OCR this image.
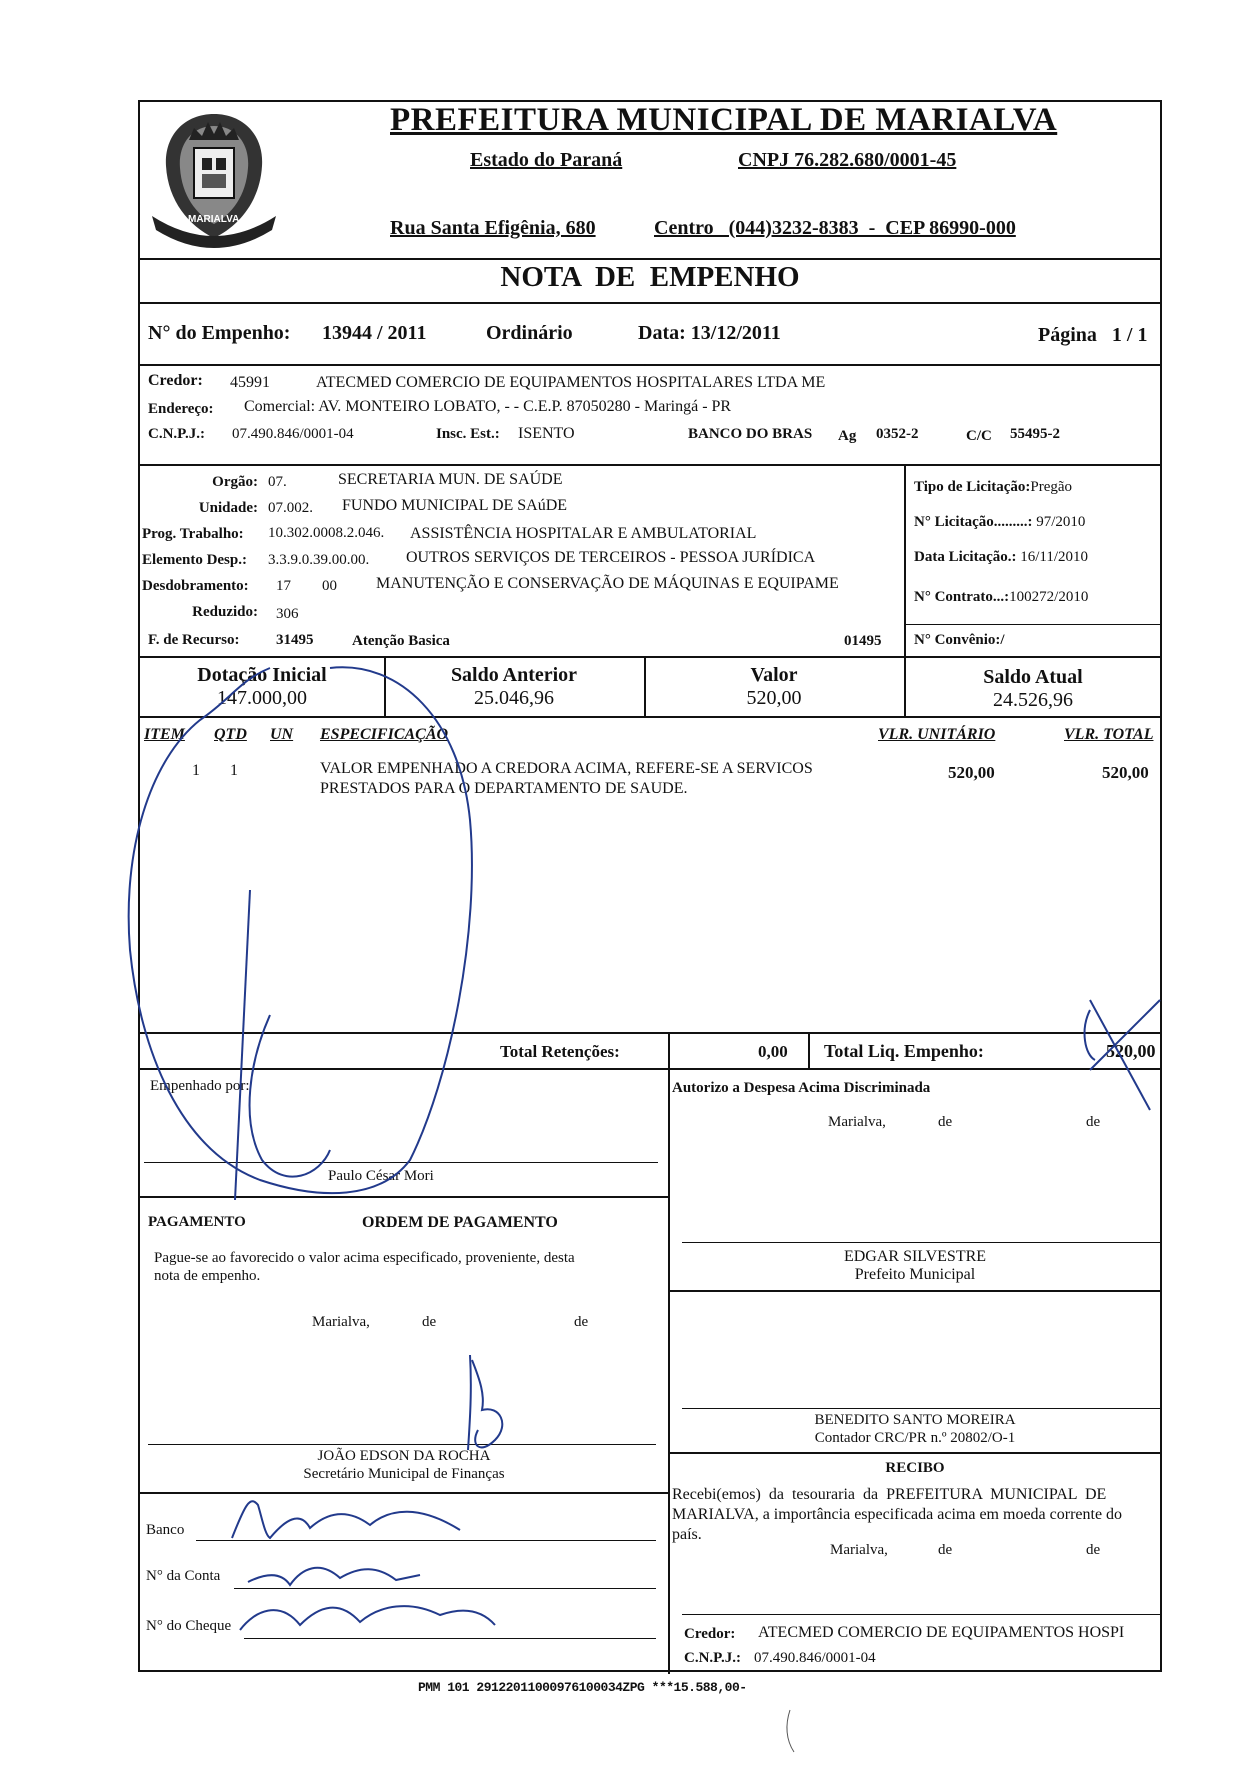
MARIALVA
PREFEITURA MUNICIPAL DE MARIALVA
Estado do Paraná	CNPJ 76.282.680/0001-45
Rua Santa Efigênia, 680	Centro   (044)3232-8383  -  CEP 86990-000
NOTA  DE  EMPENHO
N° do Empenho: 13944 / 2011	Ordinário	Data: 13/12/2011	Página   1 / 1
Credor: 45991	ATECMED COMERCIO DE EQUIPAMENTOS HOSPITALARES LTDA ME
Endereço: Comercial: AV. MONTEIRO LOBATO, - - C.E.P. 87050280 - Maringá - PR
C.N.P.J.: 07.490.846/0001-04	Insc. Est.: ISENTO	BANCO DO BRAS Ag 0352-2	C/C 55495-2
Orgão: 07.	SECRETARIA MUN. DE SAÚDE
Unidade: 07.002. FUNDO MUNICIPAL DE SAúDE
Prog. Trabalho: 10.302.0008.2.046. ASSISTÊNCIA HOSPITALAR E AMBULATORIAL
Elemento Desp.: 3.3.9.0.39.00.00. OUTROS SERVIÇOS DE TERCEIROS - PESSOA JURÍDICA
Desdobramento: 17 00 MANUTENÇÃO E CONSERVAÇÃO DE MÁQUINAS E EQUIPAME
Reduzido: 306
F. de Recurso: 31495	Atenção Basica	01495
Tipo de Licitação:Pregão
N° Licitação.........: 97/2010
Data Licitação.: 16/11/2010
N° Contrato...:100272/2010
N° Convênio:/
Dotação Inicial
147.000,00
Saldo Anterior
25.046,96
Valor
520,00
Saldo Atual
24.526,96
ITEM QTD UN ESPECIFICAÇÃO	VLR. UNITÁRIO	VLR. TOTAL
1 1	VALOR EMPENHADO A CREDORA ACIMA, REFERE-SE A SERVICOS
PRESTADOS PARA O DEPARTAMENTO DE SAUDE.
520,00	520,00
Total Retenções:	0,00 Total Liq. Empenho:	520,00
Empenhado por:
Paulo César Mori
Autorizo a Despesa Acima Discriminada
Marialva,	de	de
EDGAR SILVESTRE
Prefeito Municipal
PAGAMENTO	ORDEM DE PAGAMENTO
Pague-se ao favorecido o valor acima especificado, proveniente, desta
nota de empenho.
Marialva,	de	de
JOÃO EDSON DA ROCHA
Secretário Municipal de Finanças
BENEDITO SANTO MOREIRA
Contador CRC/PR n.º 20802/O-1
Banco
N° da Conta
N° do Cheque
RECIBO
Recebi(emos)  da  tesouraria  da  PREFEITURA  MUNICIPAL  DE
MARIALVA, a importância especificada acima em moeda corrente do
país.
Marialva,	de	de
Credor: ATECMED COMERCIO DE EQUIPAMENTOS HOSPI
C.N.P.J.: 07.490.846/0001-04
PMM 101 29122011000976100034ZPG ***15.588,00-
